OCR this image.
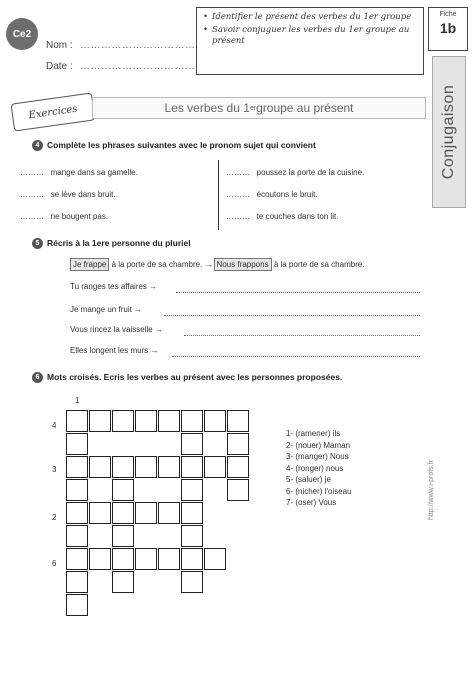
Ce2
Nom : ……………………………
Date : ……………………………
• Identifier le présent des verbes du 1er groupe
• Savoir conjuguer les verbes du 1er groupe au présent
Fiche
1b
Conjugaison
Exercices	Les verbes du 1 er groupe au présent
4 Complète les phrases suivantes avec le pronom sujet qui convient
……… mange dans sa gamelle.
……… se lève dans bruit.
……… ne bougent pas.
……… poussez la porte de la cuisine.
……… écoutons le bruit.
……… te couches dans ton lit.
5 Récris à la 1ere personne du pluriel
Je frappe à la porte de sa chambre. → Nous frappons à la porte de sa chambre.
Tu ranges tes affaires →
Je mange un fruit →
Vous rincez la vaisselle →
Elles longent les murs →
6 Mots croisés. Ecris les verbes au présent avec les personnes proposées.
1
4
3
2
6
1- (ramener) ils
2- (nouer) Maman
3- (manger) Nous
4- (ronger) nous
5- (saluer) je
6- (nicher) l'oiseau
7- (oser) Vous	http://www.i-profs.fr
